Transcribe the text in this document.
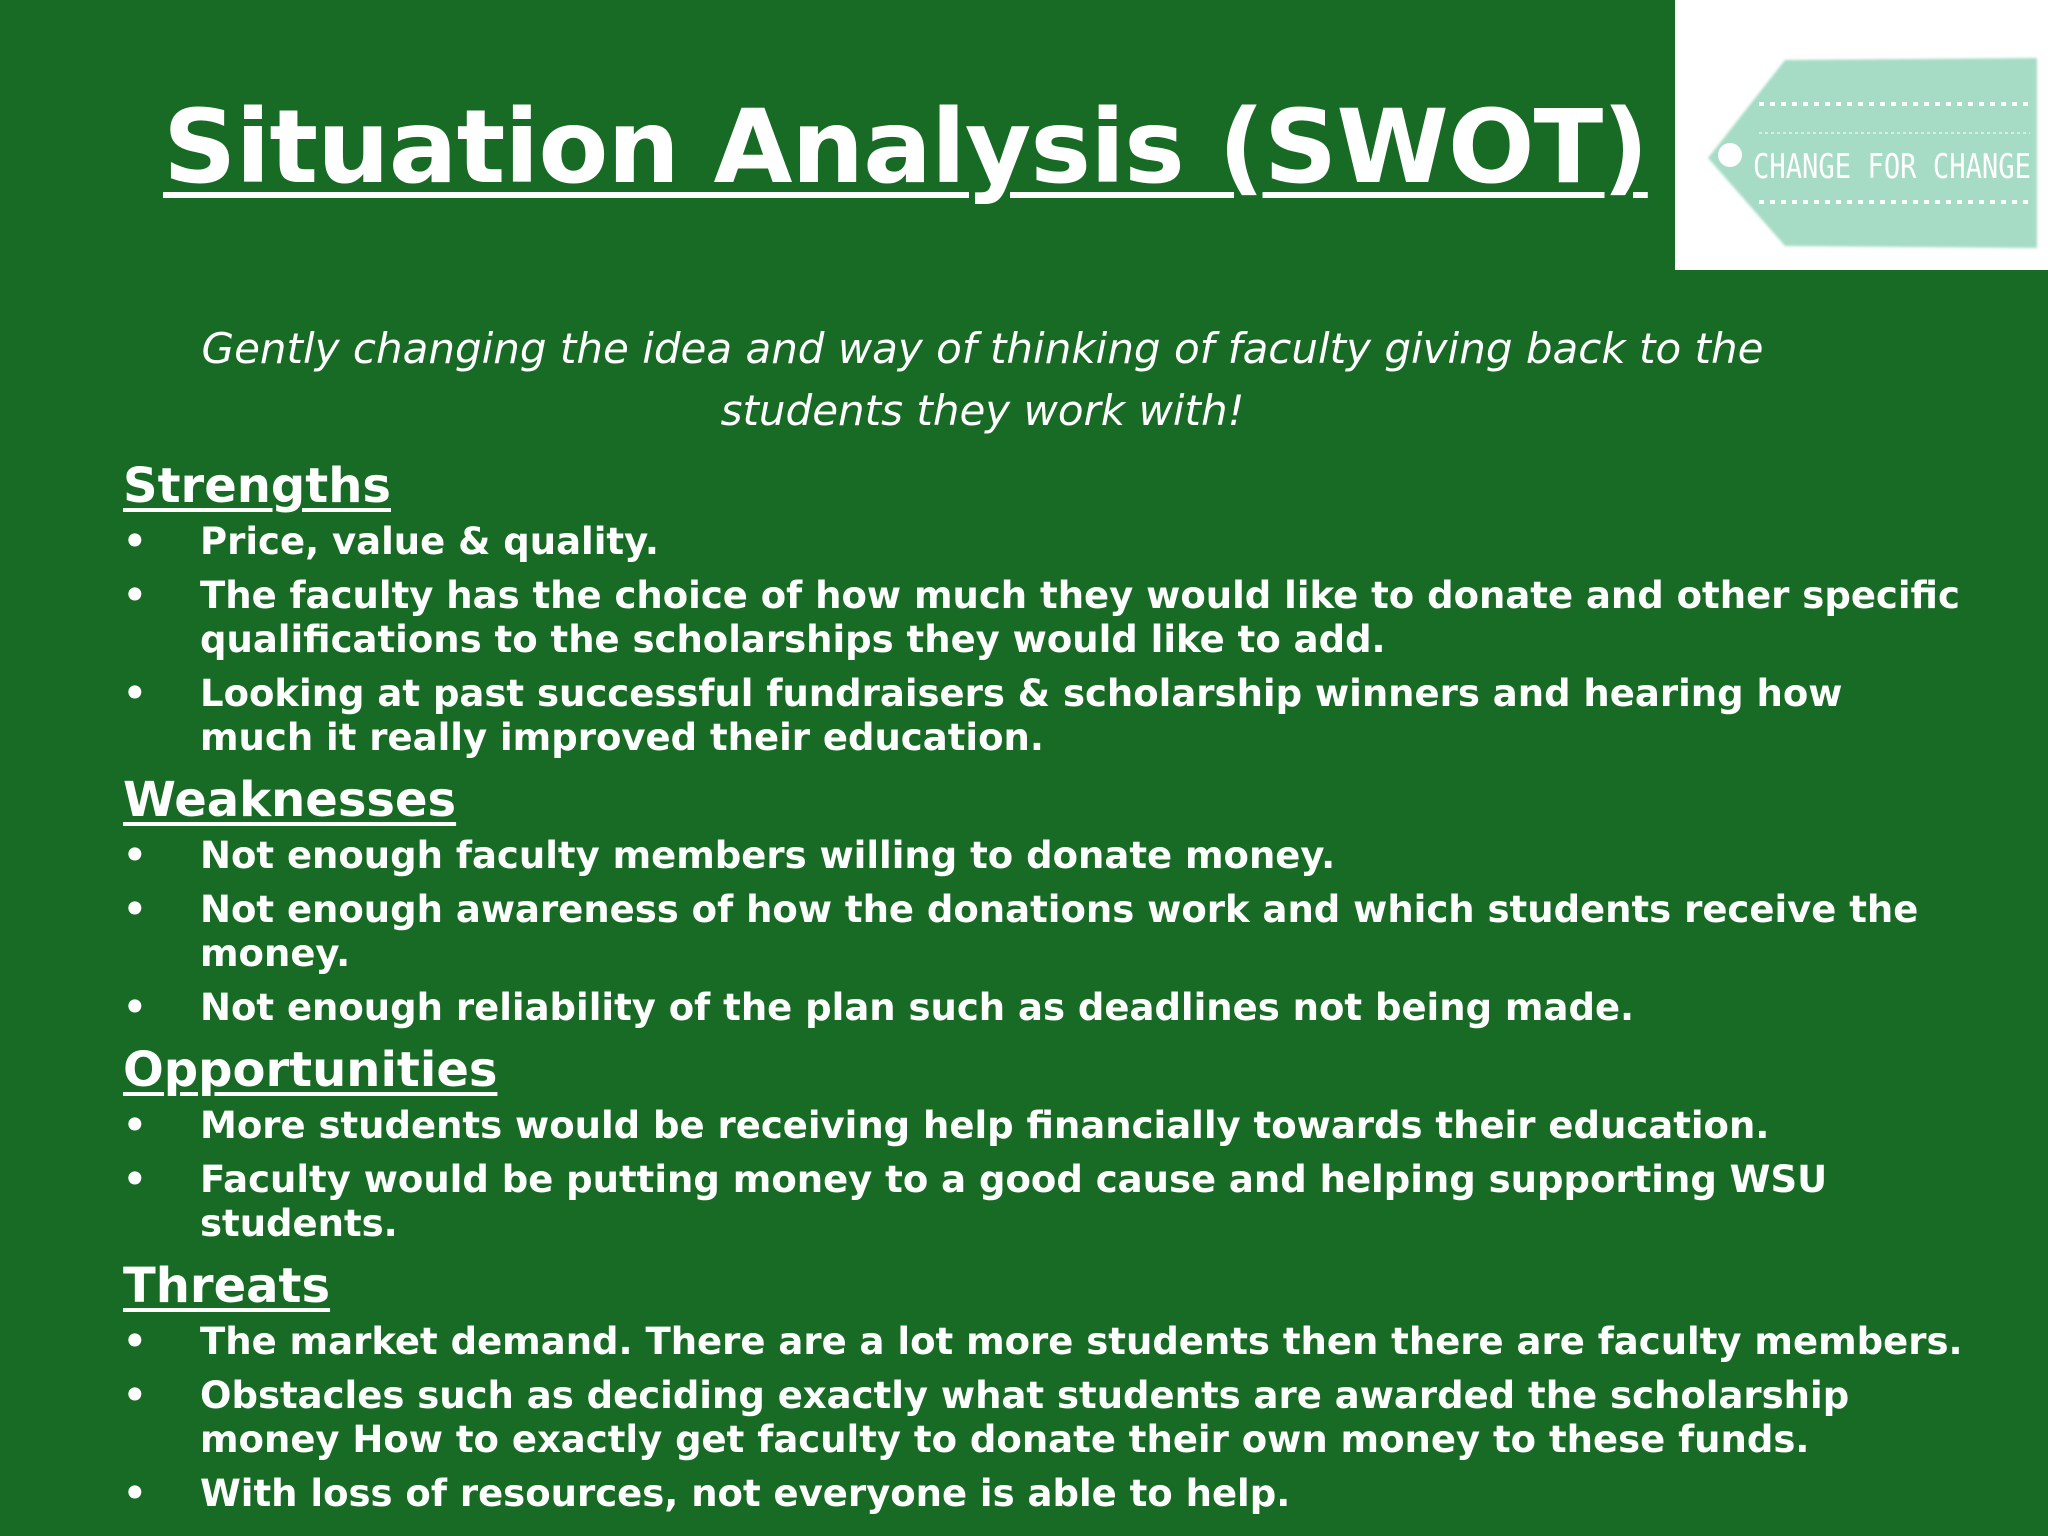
Situation Analysis (SWOT)	CHANGE FOR CHANGE

Gently changing the idea and way of thinking of faculty giving back to the students they work with!

Strengths
• Price, value & quality.
• The faculty has the choice of how much they would like to donate and other specific qualifications to the scholarships they would like to add.
• Looking at past successful fundraisers & scholarship winners and hearing how much it really improved their education.
Weaknesses
• Not enough faculty members willing to donate money.
• Not enough awareness of how the donations work and which students receive the money.
• Not enough reliability of the plan such as deadlines not being made.
Opportunities
• More students would be receiving help financially towards their education.
• Faculty would be putting money to a good cause and helping supporting WSU students.
Threats
• The market demand. There are a lot more students then there are faculty members.
• Obstacles such as deciding exactly what students are awarded the scholarship money How to exactly get faculty to donate their own money to these funds.
• With loss of resources, not everyone is able to help.
